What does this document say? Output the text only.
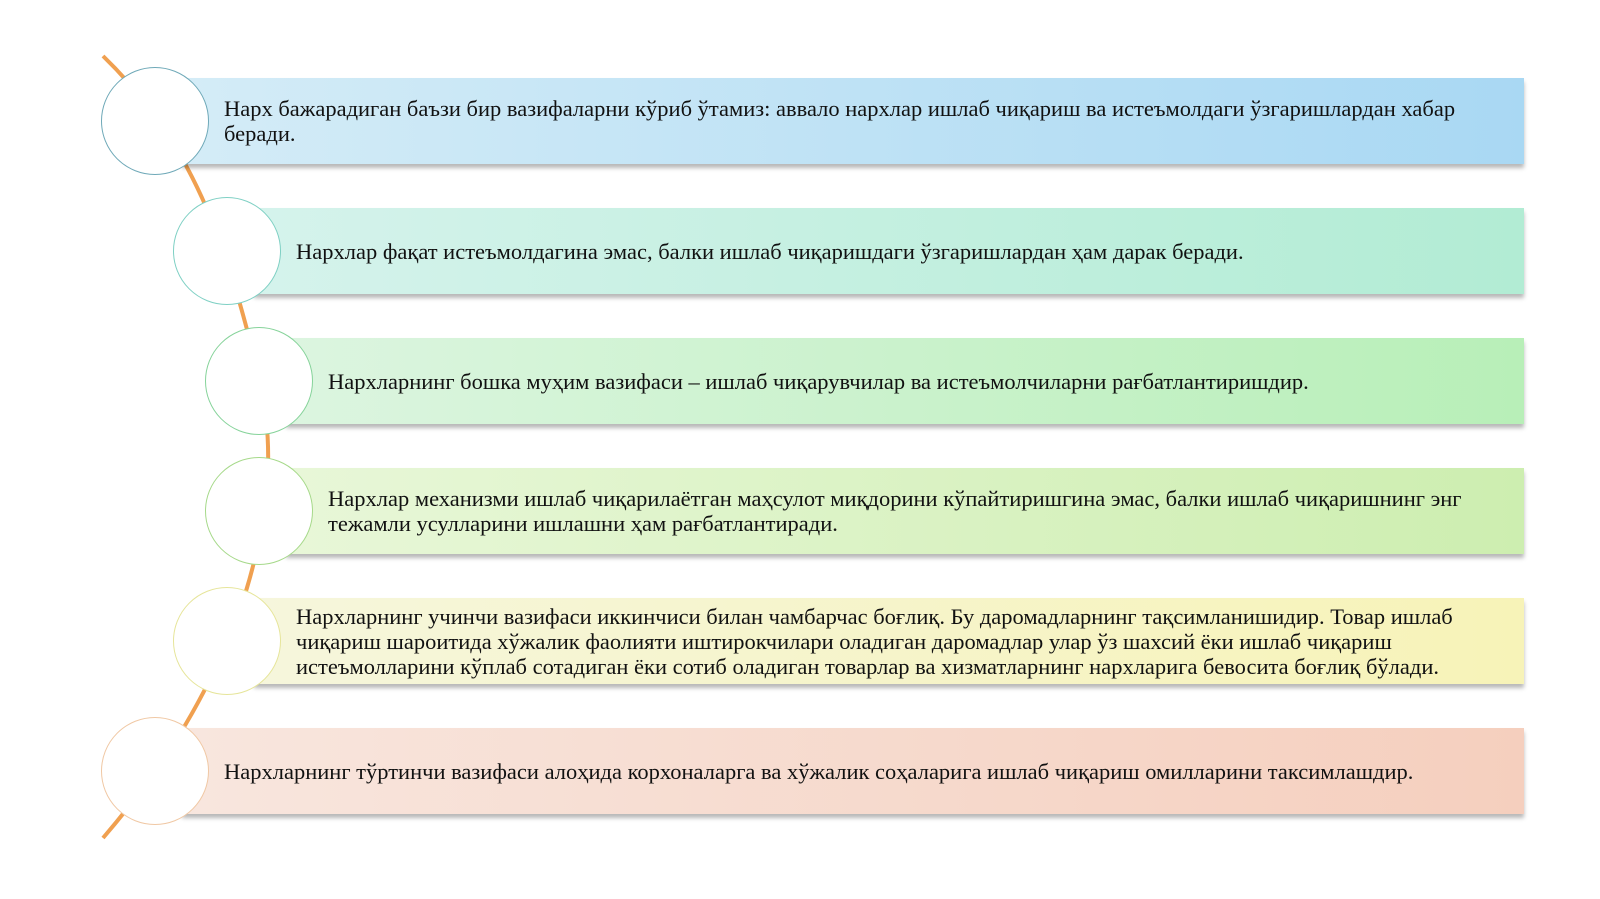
Нарх бажарадиган баъзи бир вазифаларни кўриб ўтамиз: аввало нархлар ишлаб чиқариш ва истеъмолдаги ўзгаришлардан хабар
беради.
Нархлар фақат истеъмолдагина эмас, балки ишлаб чиқаришдаги ўзгаришлардан ҳам дарак беради.
Нархларнинг бошка муҳим вазифаси – ишлаб чиқарувчилар ва истеъмолчиларни рағбатлантиришдир.
Нархлар механизми ишлаб чиқарилаётган маҳсулот миқдорини кўпайтиришгина эмас, балки ишлаб чиқаришнинг энг
тежамли усулларини ишлашни ҳам рағбатлантиради.
Нархларнинг учинчи вазифаси иккинчиси билан чамбарчас боғлиқ. Бу даромадларнинг тақсимланишидир. Товар ишлаб
чиқариш шароитида хўжалик фаолияти иштирокчилари оладиган даромадлар улар ўз шахсий ёки ишлаб чиқариш
истеъмолларини кўплаб сотадиган ёки сотиб оладиган товарлар ва хизматларнинг нархларига бевосита боғлиқ бўлади.
Нархларнинг тўртинчи вазифаси алоҳида корхоналарга ва хўжалик соҳаларига ишлаб чиқариш омилларини таксимлашдир.
